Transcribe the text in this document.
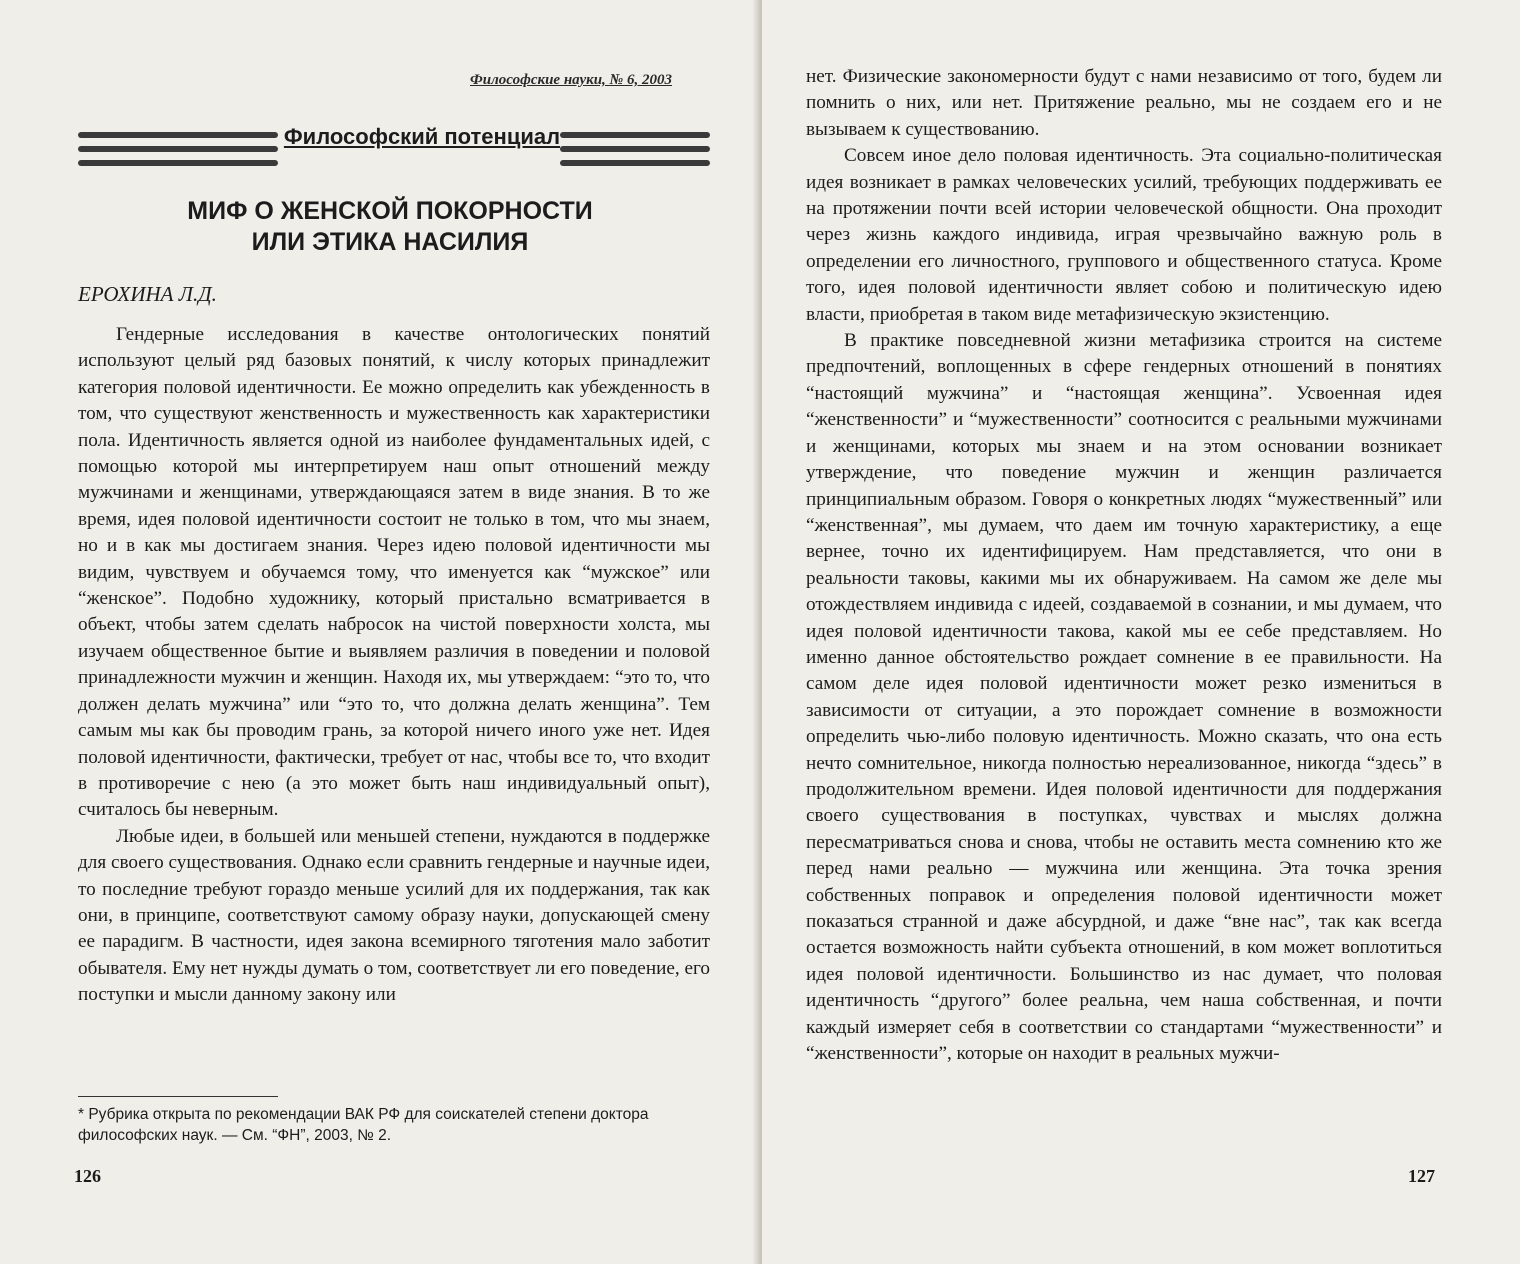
Философские науки, № 6, 2003
Философский потенциал
МИФ О ЖЕНСКОЙ ПОКОРНОСТИ
ИЛИ ЭТИКА НАСИЛИЯ
ЕРОХИНА Л.Д.

Гендерные исследования в качестве онтологических понятий используют целый ряд базовых понятий, к числу которых принадлежит категория половой идентичности. Ее можно определить как убежденность в том, что существуют женственность и мужественность как характеристики пола. Идентичность является одной из наиболее фундаментальных идей, с помощью которой мы интерпретируем наш опыт отношений между мужчинами и женщинами, утверждающаяся затем в виде знания. В то же время, идея половой идентичности состоит не только в том, что мы знаем, но и в как мы достигаем знания. Через идею половой идентичности мы видим, чувствуем и обучаемся тому, что именуется как “мужское” или “женское”. Подобно художнику, который пристально всматривается в объект, чтобы затем сделать набросок на чистой поверхности холста, мы изучаем общественное бытие и выявляем различия в поведении и половой принадлежности мужчин и женщин. Находя их, мы утверждаем: “это то, что должен делать мужчина” или “это то, что должна делать женщина”. Тем самым мы как бы проводим грань, за которой ничего иного уже нет. Идея половой идентичности, фактически, требует от нас, чтобы все то, что входит в противоречие с нею (а это может быть наш индивидуальный опыт), считалось бы неверным.

Любые идеи, в большей или меньшей степени, нуждаются в поддержке для своего существования. Однако если сравнить гендерные и научные идеи, то последние требуют гораздо меньше усилий для их поддержания, так как они, в принципе, соответствуют самому образу науки, допускающей смену ее парадигм. В частности, идея закона всемирного тяготения мало заботит обывателя. Ему нет нужды думать о том, соответствует ли его поведение, его поступки и мысли данному закону или

* Рубрика открыта по рекомендации ВАК РФ для соискателей степени доктора философских наук. — См. “ФН”, 2003, № 2.
126

нет. Физические закономерности будут с нами независимо от того, будем ли помнить о них, или нет. Притяжение реально, мы не создаем его и не вызываем к существованию.

Совсем иное дело половая идентичность. Эта социально-политическая идея возникает в рамках человеческих усилий, требующих поддерживать ее на протяжении почти всей истории человеческой общности. Она проходит через жизнь каждого индивида, играя чрезвычайно важную роль в определении его личностного, группового и общественного статуса. Кроме того, идея половой идентичности являет собою и политическую идею власти, приобретая в таком виде метафизическую экзистенцию.

В практике повседневной жизни метафизика строится на системе предпочтений, воплощенных в сфере гендерных отношений в понятиях “настоящий мужчина” и “настоящая женщина”. Усвоенная идея “женственности” и “мужественности” соотносится с реальными мужчинами и женщинами, которых мы знаем и на этом основании возникает утверждение, что поведение мужчин и женщин различается принципиальным образом. Говоря о конкретных людях “мужественный” или “женственная”, мы думаем, что даем им точную характеристику, а еще вернее, точно их идентифицируем. Нам представляется, что они в реальности таковы, какими мы их обнаруживаем. На самом же деле мы отождествляем индивида с идеей, создаваемой в сознании, и мы думаем, что идея половой идентичности такова, какой мы ее себе представляем. Но именно данное обстоятельство рождает сомнение в ее правильности. На самом деле идея половой идентичности может резко измениться в зависимости от ситуации, а это порождает сомнение в возможности определить чью-либо половую идентичность. Можно сказать, что она есть нечто сомнительное, никогда полностью нереализованное, никогда “здесь” в продолжительном времени. Идея половой идентичности для поддержания своего существования в поступках, чувствах и мыслях должна пересматриваться снова и снова, чтобы не оставить места сомнению кто же перед нами реально — мужчина или женщина. Эта точка зрения собственных поправок и определения половой идентичности может показаться странной и даже абсурдной, и даже “вне нас”, так как всегда остается возможность найти субъекта отношений, в ком может воплотиться идея половой идентичности. Большинство из нас думает, что половая идентичность “другого” более реальна, чем наша собственная, и почти каждый измеряет себя в соответствии со стандартами “мужественности” и “женственности”, которые он находит в реальных мужчи-

127
